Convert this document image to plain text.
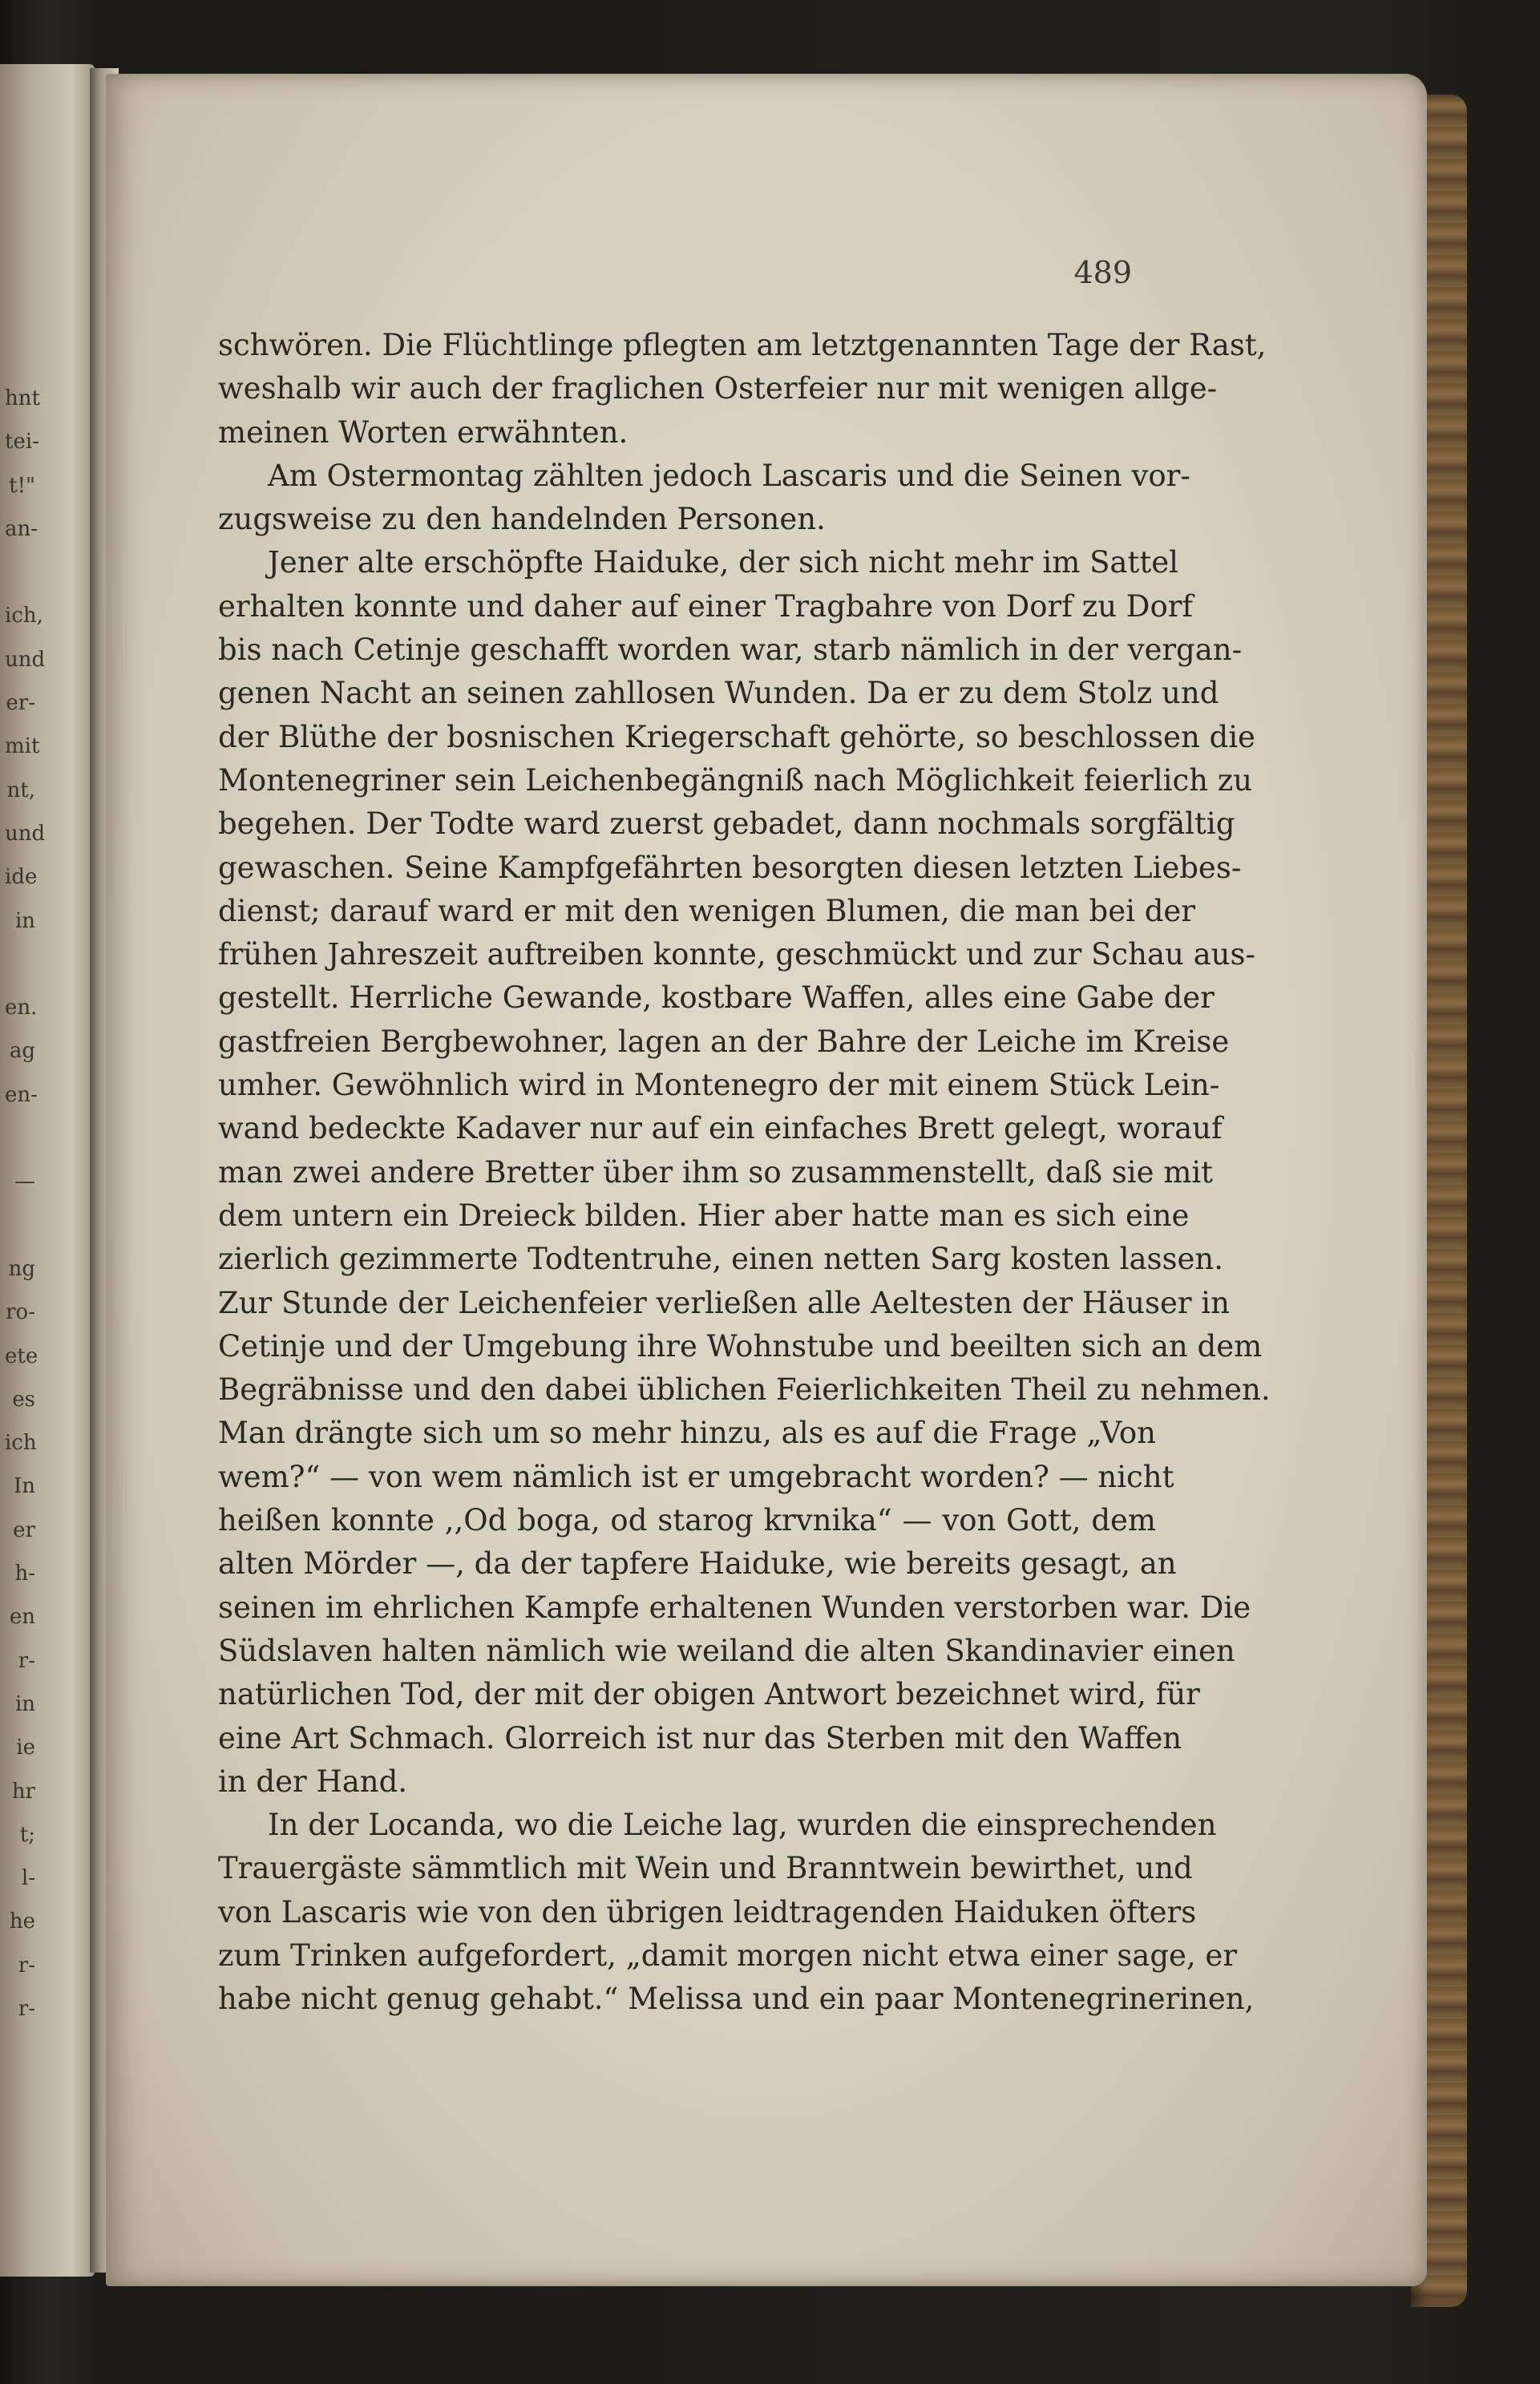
hnt
tei-
t!"
an-

ich,
und
er-
mit
nt,
und
ide
in

en.
ag
en-

—

ng
ro-
ete
es
ich
In
er
h-
en
r-
in
ie
hr
t;
l-
he
r-
r-
489
schwören. Die Flüchtlinge pflegten am letztgenannten Tage der Rast,
weshalb wir auch der fraglichen Osterfeier nur mit wenigen allge-
meinen Worten erwähnten.
Am Ostermontag zählten jedoch Lascaris und die Seinen vor-
zugsweise zu den handelnden Personen.
Jener alte erschöpfte Haiduke, der sich nicht mehr im Sattel
erhalten konnte und daher auf einer Tragbahre von Dorf zu Dorf
bis nach Cetinje geschafft worden war, starb nämlich in der vergan-
genen Nacht an seinen zahllosen Wunden. Da er zu dem Stolz und
der Blüthe der bosnischen Kriegerschaft gehörte, so beschlossen die
Montenegriner sein Leichenbegängniß nach Möglichkeit feierlich zu
begehen. Der Todte ward zuerst gebadet, dann nochmals sorgfältig
gewaschen. Seine Kampfgefährten besorgten diesen letzten Liebes-
dienst; darauf ward er mit den wenigen Blumen, die man bei der
frühen Jahreszeit auftreiben konnte, geschmückt und zur Schau aus-
gestellt. Herrliche Gewande, kostbare Waffen, alles eine Gabe der
gastfreien Bergbewohner, lagen an der Bahre der Leiche im Kreise
umher. Gewöhnlich wird in Montenegro der mit einem Stück Lein-
wand bedeckte Kadaver nur auf ein einfaches Brett gelegt, worauf
man zwei andere Bretter über ihm so zusammenstellt, daß sie mit
dem untern ein Dreieck bilden. Hier aber hatte man es sich eine
zierlich gezimmerte Todtentruhe, einen netten Sarg kosten lassen.
Zur Stunde der Leichenfeier verließen alle Aeltesten der Häuser in
Cetinje und der Umgebung ihre Wohnstube und beeilten sich an dem
Begräbnisse und den dabei üblichen Feierlichkeiten Theil zu nehmen.
Man drängte sich um so mehr hinzu, als es auf die Frage „Von
wem?“ — von wem nämlich ist er umgebracht worden? — nicht
heißen konnte ,,Od boga, od starog krvnika“ — von Gott, dem
alten Mörder —, da der tapfere Haiduke, wie bereits gesagt, an
seinen im ehrlichen Kampfe erhaltenen Wunden verstorben war. Die
Südslaven halten nämlich wie weiland die alten Skandinavier einen
natürlichen Tod, der mit der obigen Antwort bezeichnet wird, für
eine Art Schmach. Glorreich ist nur das Sterben mit den Waffen
in der Hand.
In der Locanda, wo die Leiche lag, wurden die einsprechenden
Trauergäste sämmtlich mit Wein und Branntwein bewirthet, und
von Lascaris wie von den übrigen leidtragenden Haiduken öfters
zum Trinken aufgefordert, „damit morgen nicht etwa einer sage, er
habe nicht genug gehabt.“ Melissa und ein paar Montenegrinerinen,
